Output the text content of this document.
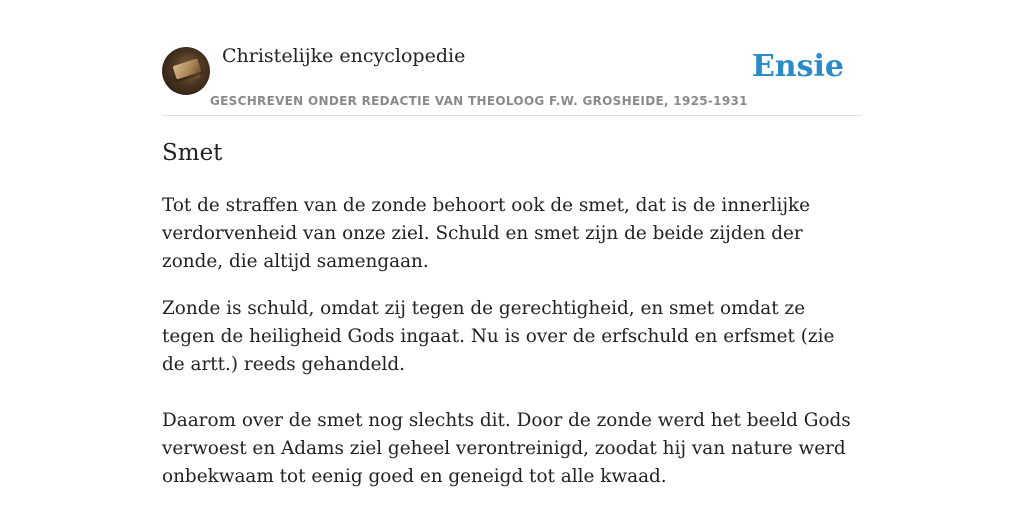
Christelijke encyclopedie
GESCHREVEN ONDER REDACTIE VAN THEOLOOG F.W. GROSHEIDE, 1925-1931
Ensie
Smet

Tot de straffen van de zonde behoort ook de smet, dat is de innerlijke verdorvenheid van onze ziel. Schuld en smet zijn de beide zijden der zonde, die altijd samengaan.

Zonde is schuld, omdat zij tegen de gerechtigheid, en smet omdat ze tegen de heiligheid Gods ingaat. Nu is over de erfschuld en erfsmet (zie de artt.) reeds gehandeld.

Daarom over de smet nog slechts dit. Door de zonde werd het beeld Gods verwoest en Adams ziel geheel verontreinigd, zoodat hij van nature werd onbekwaam tot eenig goed en geneigd tot alle kwaad.
